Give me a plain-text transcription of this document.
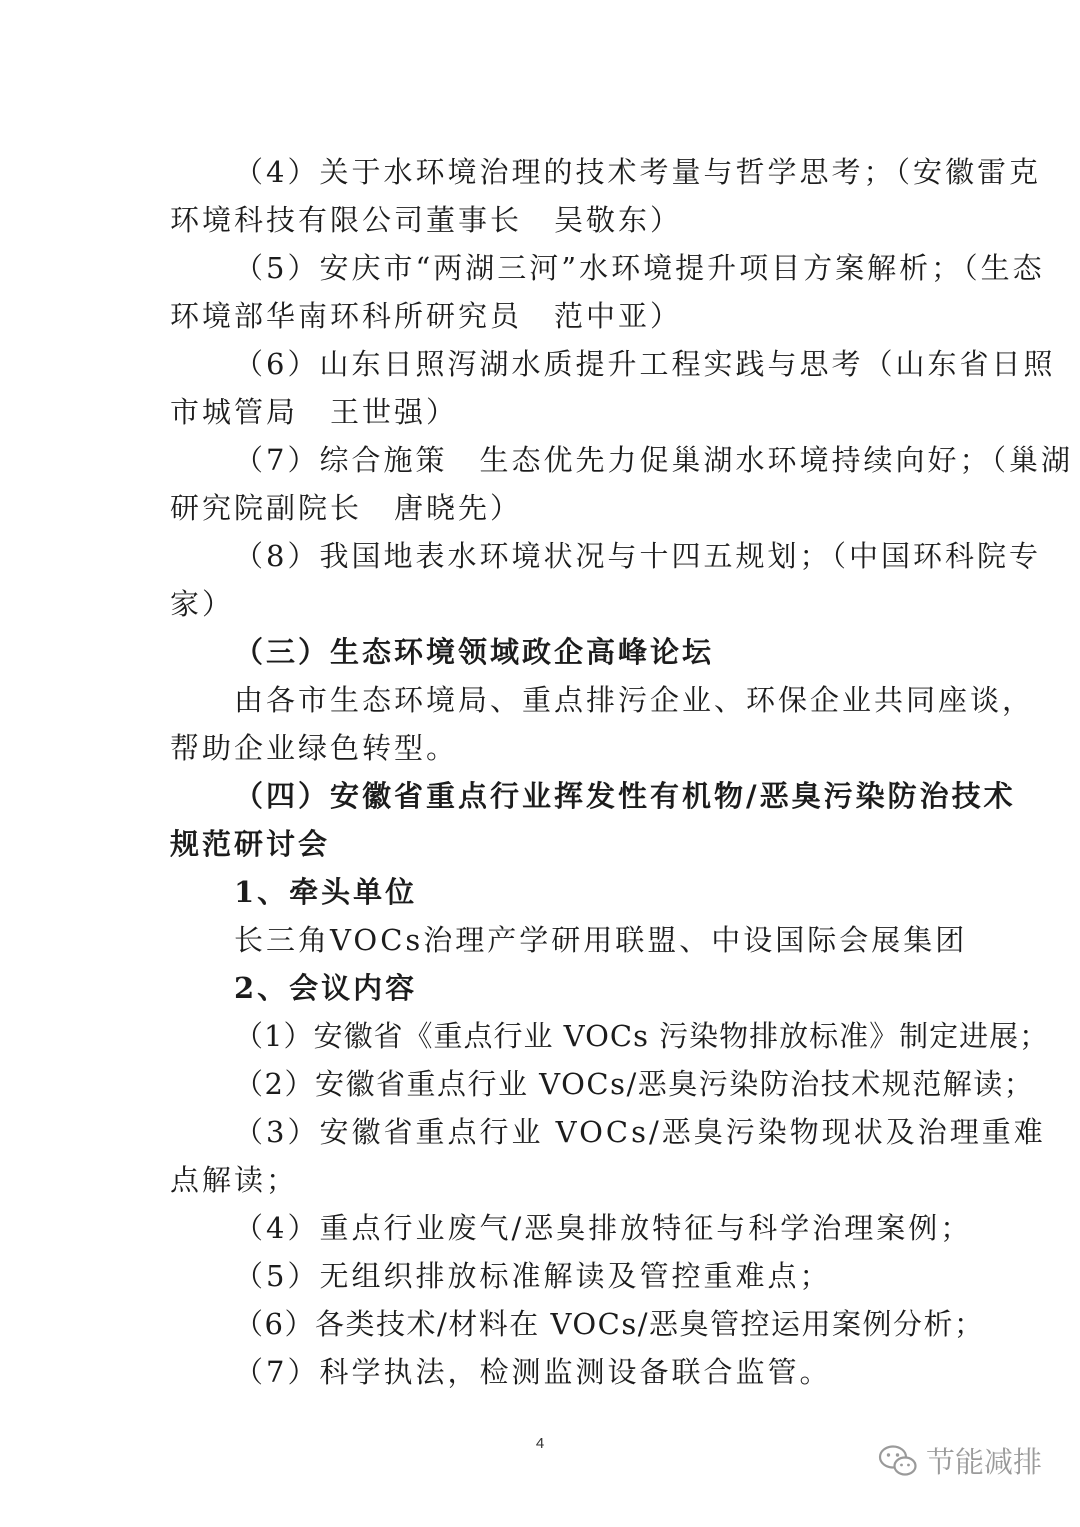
（4）关于水环境治理的技术考量与哲学思考；（安徽雷克

环境科技有限公司董事长　吴敬东）

（5）安庆市“两湖三河”水环境提升项目方案解析；（生态

环境部华南环科所研究员　范中亚）

（6）山东日照泻湖水质提升工程实践与思考（山东省日照

市城管局　王世强）

（7）综合施策　生态优先力促巢湖水环境持续向好；（巢湖

研究院副院长　唐晓先）

（8）我国地表水环境状况与十四五规划；（中国环科院专

家）

（三）生态环境领域政企高峰论坛

由各市生态环境局、重点排污企业、环保企业共同座谈，

帮助企业绿色转型。

（四）安徽省重点行业挥发性有机物/恶臭污染防治技术

规范研讨会

1、牵头单位

长三角VOCs治理产学研用联盟、中设国际会展集团

2、会议内容

（1）安徽省《重点行业 VOCs 污染物排放标准》制定进展；

（2）安徽省重点行业 VOCs/恶臭污染防治技术规范解读；

（3）安徽省重点行业 VOCs/恶臭污染物现状及治理重难

点解读；

（4）重点行业废气/恶臭排放特征与科学治理案例；

（5）无组织排放标准解读及管控重难点；

（6）各类技术/材料在 VOCs/恶臭管控运用案例分析；

（7）科学执法，检测监测设备联合监管。

4
节能减排
